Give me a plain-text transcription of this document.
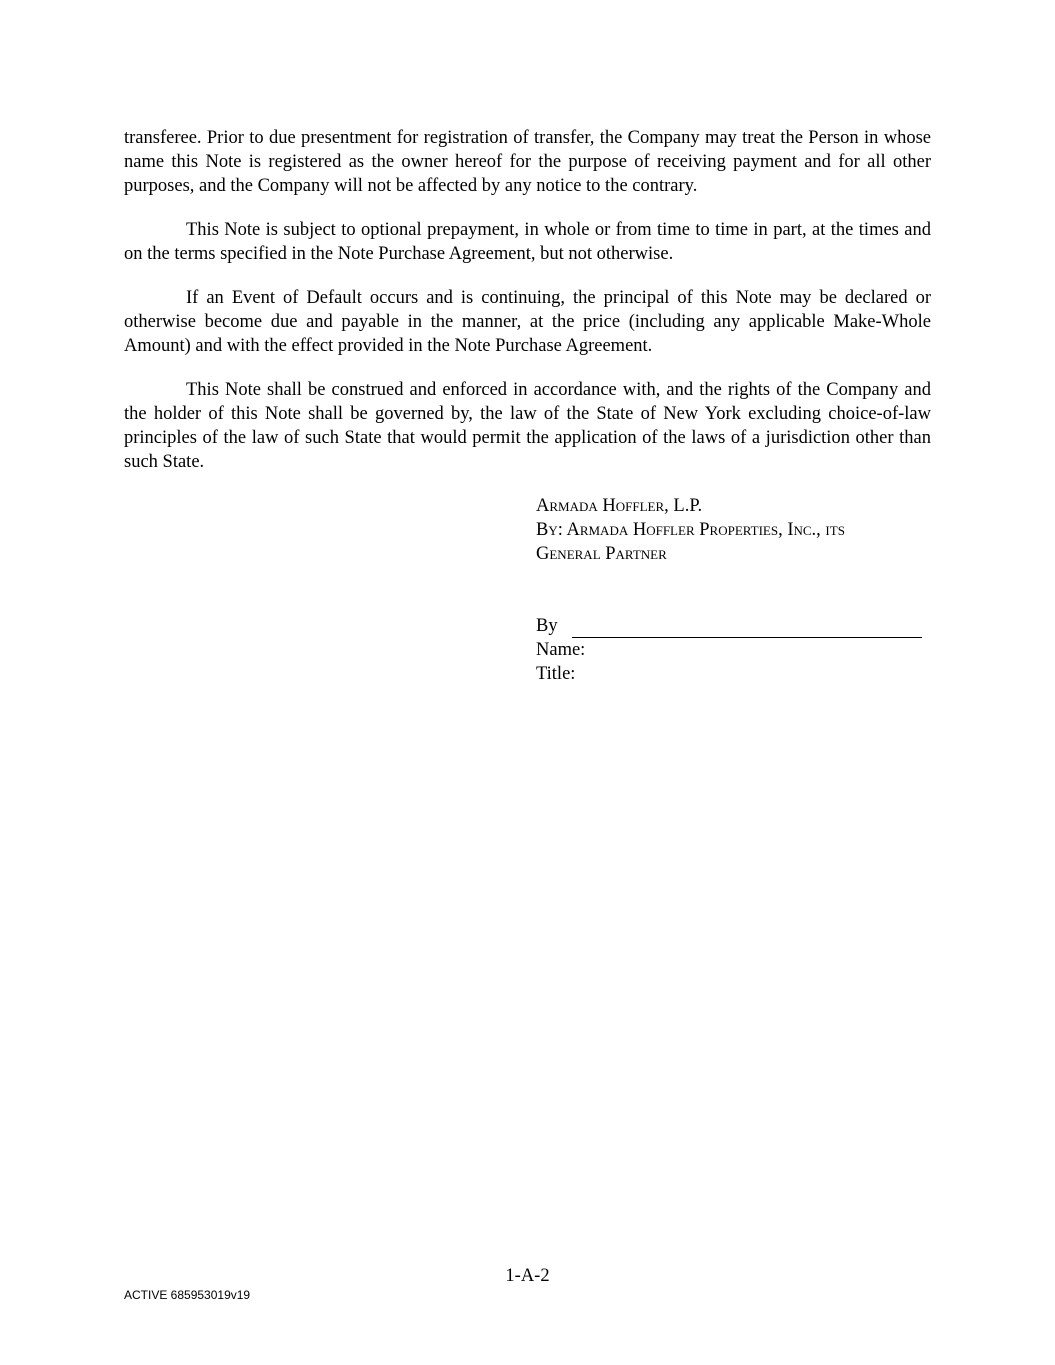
transferee. Prior to due presentment for registration of transfer, the Company may treat the Person in whose name this Note is registered as the owner hereof for the purpose of receiving payment and for all other purposes, and the Company will not be affected by any notice to the contrary.

This Note is subject to optional prepayment, in whole or from time to time in part, at the times and on the terms specified in the Note Purchase Agreement, but not otherwise.

If an Event of Default occurs and is continuing, the principal of this Note may be declared or otherwise become due and payable in the manner, at the price (including any applicable Make-Whole Amount) and with the effect provided in the Note Purchase Agreement.

This Note shall be construed and enforced in accordance with, and the rights of the Company and the holder of this Note shall be governed by, the law of the State of New York excluding choice-of-law principles of the law of such State that would permit the application of the laws of a jurisdiction other than such State.

Armada Hoffler, L.P.
By: Armada Hoffler Properties, Inc., its
General Partner
By
Name:
Title:
1-A-2
ACTIVE 685953019v19
